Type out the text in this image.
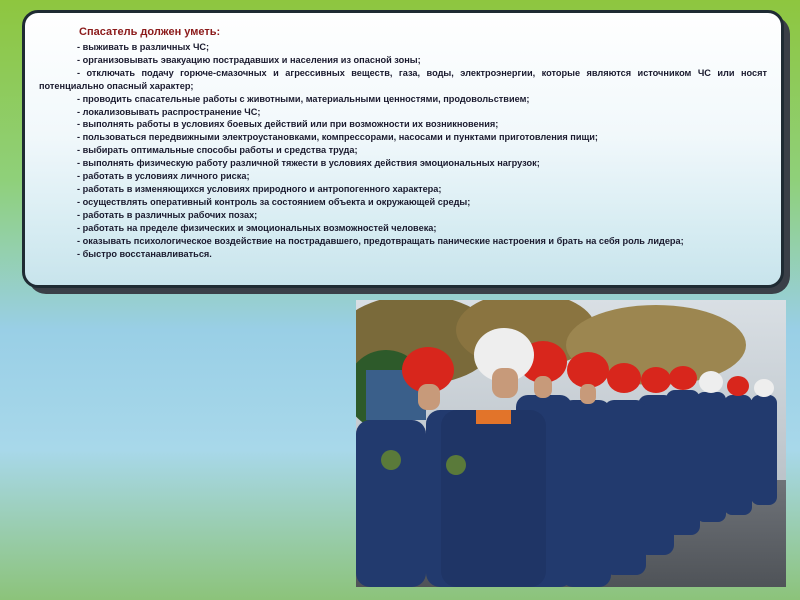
Спасатель должен уметь:
- выживать в различных ЧС;
- организовывать эвакуацию пострадавших и населения из опасной зоны;
- отключать подачу горюче-смазочных и агрессивных веществ, газа, воды, электроэнергии, которые являются источником ЧС или носят потенциально опасный характер;
- проводить спасательные работы с животными, материальными ценностями, продовольствием;
- локализовывать распространение ЧС;
- выполнять работы в условиях боевых действий или при возможности их возникновения;
- пользоваться передвижными электроустановками, компрессорами, насосами и пунктами приготовления пищи;
- выбирать оптимальные способы работы и средства труда;
- выполнять физическую работу различной тяжести в условиях действия эмоциональных нагрузок;
- работать в условиях личного риска;
- работать в изменяющихся условиях природного и антропогенного характера;
- осуществлять оперативный контроль за состоянием объекта и окружающей среды;
- работать в различных рабочих позах;
- работать на пределе физических и эмоциональных возможностей человека;
- оказывать психологическое воздействие на пострадавшего, предотвращать панические настроения и брать на себя роль лидера;
- быстро восстанавливаться.
